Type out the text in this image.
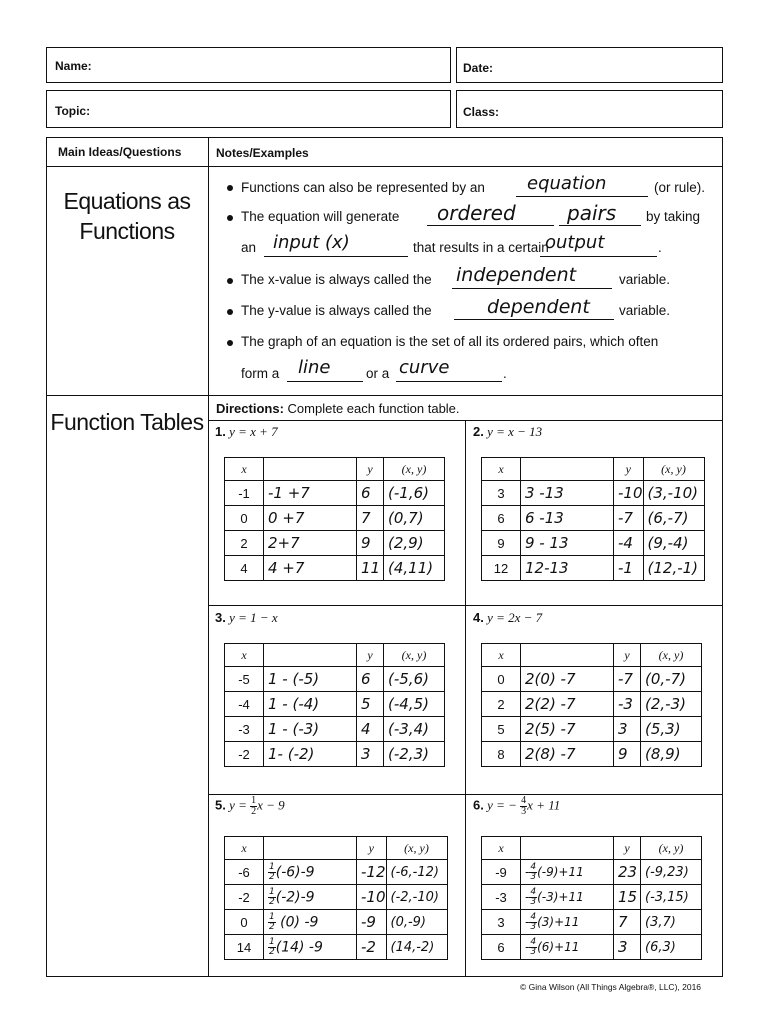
Name:	Date:
Topic:	Class:
Main Ideas/Questions	Notes/Examples
Equations as Functions
Functions can also be represented by an equation	(or rule).
The equation will generate ordered	pairs by taking
an input (x)	that results in a certain
output	.
The x-value is always called the independent	variable.
The y-value is always called the	dependent variable.
The graph of an equation is the set of all its ordered pairs, which often
form a line	or a curve	.
Function Tables
Directions: Complete each function table.
1. y = x + 7	2. y = x − 13
3. y = 1 − x	4. y = 2x − 7
5. $y = \frac{1}{2}$ x − 9	6. y = − $\frac{4}{3}$ x + 11
x		y	(x, y)
-1	-1 +7	6	(-1,6)
0	0 +7	7	(0,7)
2	2+7	9	(2,9)
4	4 +7	11	(4,11)
x		y	(x, y)
3	3 -13	-10	(3,-10)
6	6 -13	-7	(6,-7)
9	9 - 13	-4	(9,-4)
12	12-13	-1	(12,-1)
x		y	(x, y)
-5	1 - (-5)	6	(-5,6)
-4	1 - (-4)	5	(-4,5)
-3	1 - (-3)	4	(-3,4)
-2	1- (-2)	3	(-2,3)
x		y	(x, y)
0	2(0) -7	-7	(0,-7)
2	2(2) -7	-3	(2,-3)
5	2(5) -7	3	(5,3)
8	2(8) -7	9	(8,9)
x		y	(x, y)
-6	$\frac{1}{2} (-6)-9$	-12	(-6,-12)
-2	$\frac{1}{2} (-2)-9$	-10	(-2,-10)
0	$\frac{1}{2} (0)$ -9	-9	(0,-9)
14	$\frac{1}{2} (14)$ -9	-2	(14,-2)
x		y	(x, y)
-9	- $\frac{4}{3} (-9)+11$	23	(-9,23)
-3	- $\frac{4}{3} (-3)+11$	15	(-3,15)
3	- $\frac{4}{3} (3)+11$	7	(3,7)
6	- $\frac{4}{3} (6)+11$	3	(6,3)
© Gina Wilson (All Things Algebra®, LLC), 2016
